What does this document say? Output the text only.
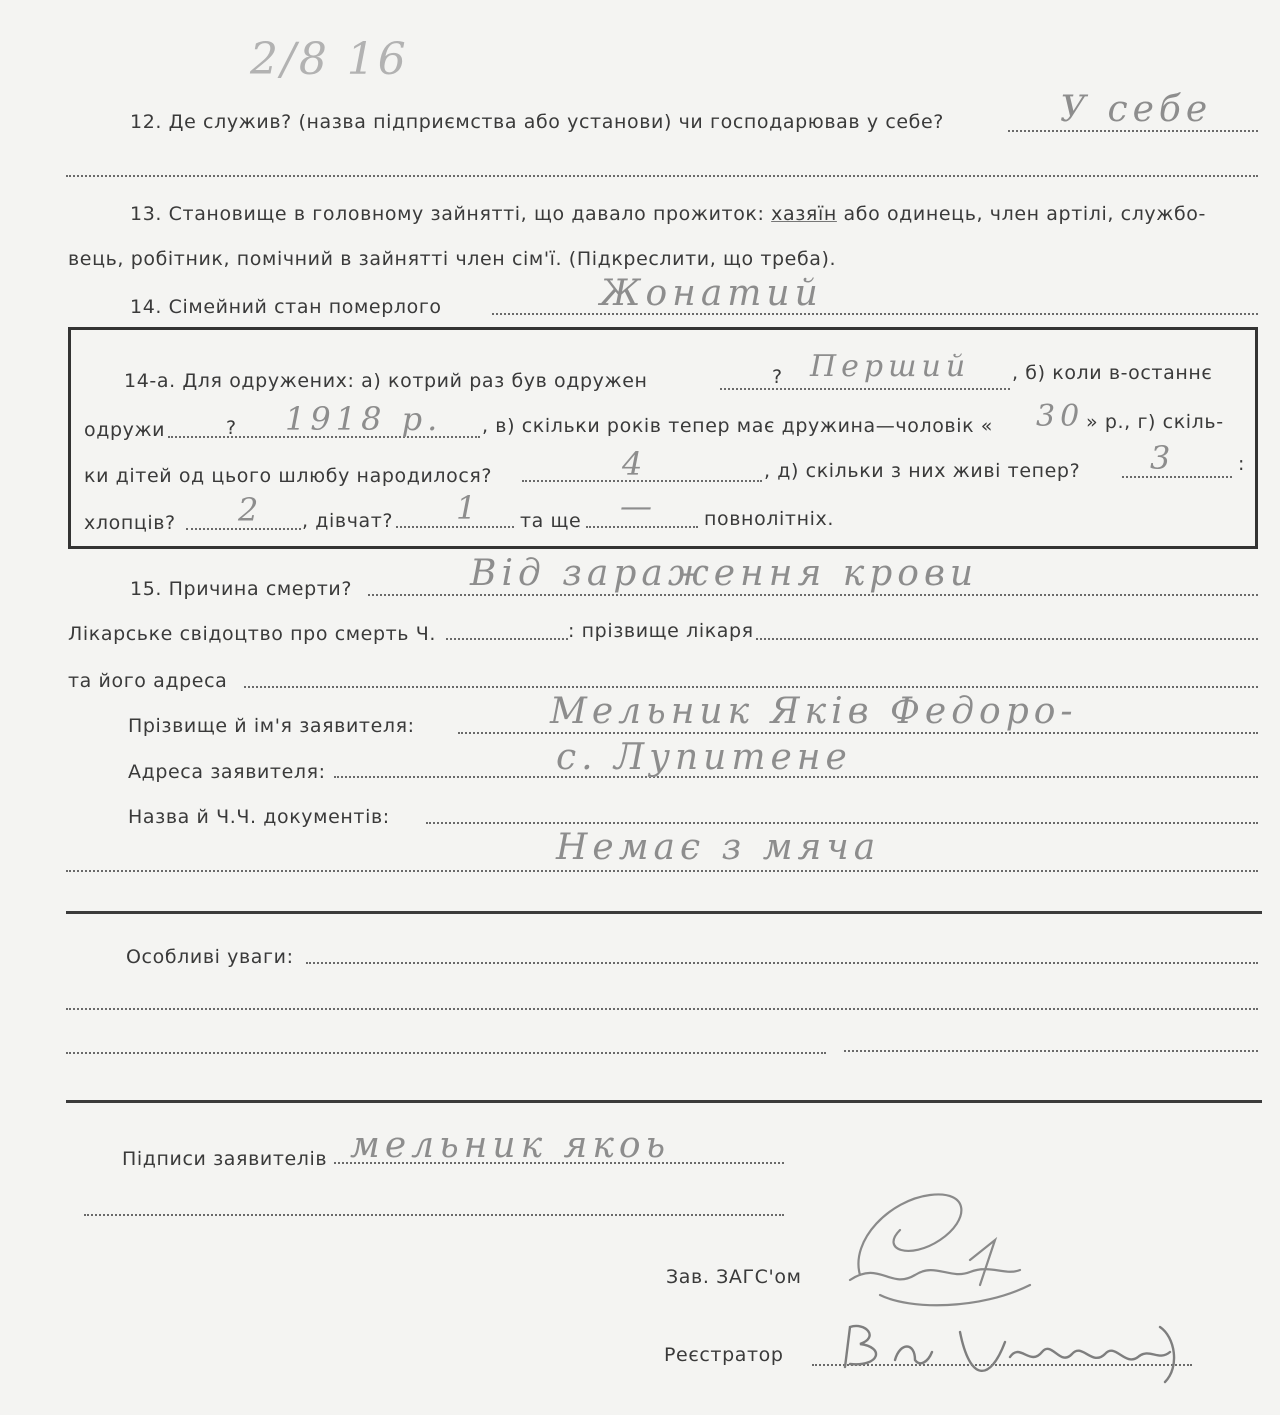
2/8 16
12. Де служив? (назва підприємства або установи) чи господарював у себе?	У себе
13. Становище в головному зайнятті, що давало прожиток: хазяїн або одинець, член артілі, службо-
вець, робітник, помічний в зайнятті член сім'ї. (Підкреслити, що треба).
14. Сімейний стан померлого	Жонатий
14-а. Для одружених: а) котрий раз був одружен	? Перший , б) коли в-останнє
одружи	? 1918 р. , в) скільки років тепер має дружина—чоловік « 30 » р., г) скіль-
ки дітей од цього шлюбу народилося?	4	, д) скільки з них живі тепер? 3	:
хлопців? 2 , дівчат? 1 та ще — повнолітніх.
15. Причина смерти?	Від зараження крови
Лікарське свідоцтво про смерть Ч.	: прізвище лікаря
та його адреса
Прізвище й ім'я заявителя:	Мельник Яків Федоро-
Адреса заявителя:	с. Лупитене
Назва й Ч.Ч. документів:
Немає з мяча
Особливі уваги:
Підписи заявителів мельник якоь
Зав. ЗАГС'ом
Реєстратор
